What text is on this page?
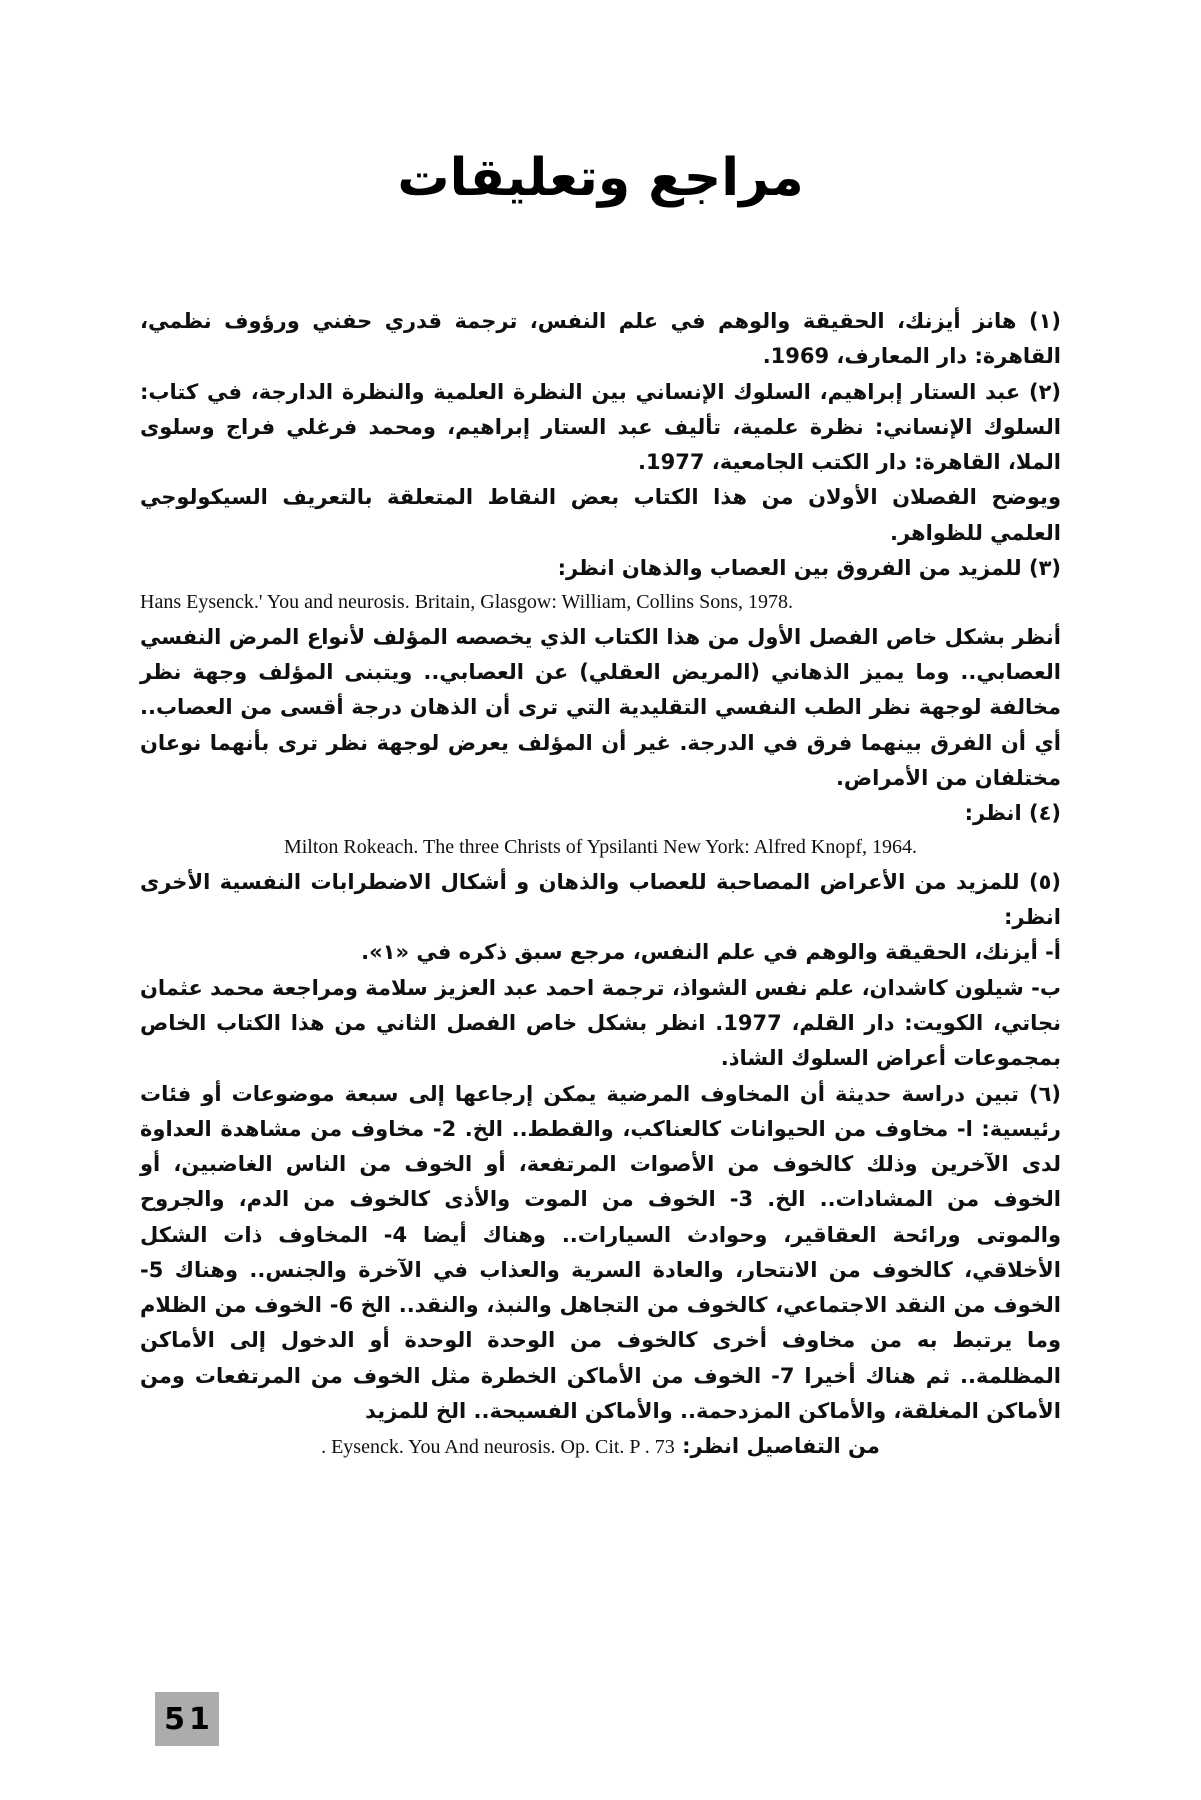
مراجع وتعليقات

(١) هانز أيزنك، الحقيقة والوهم في علم النفس، ترجمة قدري حفني ورؤوف نظمي، القاهرة: دار المعارف، 1969.

(٢) عبد الستار إبراهيم، السلوك الإنساني بين النظرة العلمية والنظرة الدارجة، في كتاب: السلوك الإنساني: نظرة علمية، تأليف عبد الستار إبراهيم، ومحمد فرغلي فراج وسلوى الملا، القاهرة: دار الكتب الجامعية، 1977.

ويوضح الفصلان الأولان من هذا الكتاب بعض النقاط المتعلقة بالتعريف السيكولوجي العلمي للظواهر.

(٣) للمزيد من الفروق بين العصاب والذهان انظر:

Hans Eysenck.' You and neurosis. Britain, Glasgow: William, Collins Sons, 1978.

أنظر بشكل خاص الفصل الأول من هذا الكتاب الذي يخصصه المؤلف لأنواع المرض النفسي العصابي.. وما يميز الذهاني (المريض العقلي) عن العصابي.. ويتبنى المؤلف وجهة نظر مخالفة لوجهة نظر الطب النفسي التقليدية التي ترى أن الذهان درجة أقسى من العصاب.. أي أن الفرق بينهما فرق في الدرجة. غير أن المؤلف يعرض لوجهة نظر ترى بأنهما نوعان مختلفان من الأمراض.

(٤) انظر:

Milton Rokeach. The three Christs of Ypsilanti New York: Alfred Knopf, 1964.

(٥) للمزيد من الأعراض المصاحبة للعصاب والذهان و أشكال الاضطرابات النفسية الأخرى انظر:

أ- أيزنك، الحقيقة والوهم في علم النفس، مرجع سبق ذكره في «١».

ب- شيلون كاشدان، علم نفس الشواذ، ترجمة احمد عبد العزيز سلامة ومراجعة محمد عثمان نجاتي، الكويت: دار القلم، 1977. انظر بشكل خاص الفصل الثاني من هذا الكتاب الخاص بمجموعات أعراض السلوك الشاذ.

(٦) تبين دراسة حديثة أن المخاوف المرضية يمكن إرجاعها إلى سبعة موضوعات أو فئات رئيسية: ا- مخاوف من الحيوانات كالعناكب، والقطط.. الخ. 2- مخاوف من مشاهدة العداوة لدى الآخرين وذلك كالخوف من الأصوات المرتفعة، أو الخوف من الناس الغاضبين، أو الخوف من المشادات.. الخ. 3- الخوف من الموت والأذى كالخوف من الدم، والجروح والموتى ورائحة العقاقير، وحوادث السيارات.. وهناك أيضا 4- المخاوف ذات الشكل الأخلاقي، كالخوف من الانتحار، والعادة السرية والعذاب في الآخرة والجنس.. وهناك 5- الخوف من النقد الاجتماعي، كالخوف من التجاهل والنبذ، والنقد.. الخ 6- الخوف من الظلام وما يرتبط به من مخاوف أخرى كالخوف من الوحدة الوحدة أو الدخول إلى الأماكن المظلمة.. ثم هناك أخيرا 7- الخوف من الأماكن الخطرة مثل الخوف من المرتفعات ومن الأماكن المغلقة، والأماكن المزدحمة.. والأماكن الفسيحة.. الخ للمزيد

من التفاصيل انظر: Eysenck. You And neurosis. Op. Cit. P . 73 .

51
